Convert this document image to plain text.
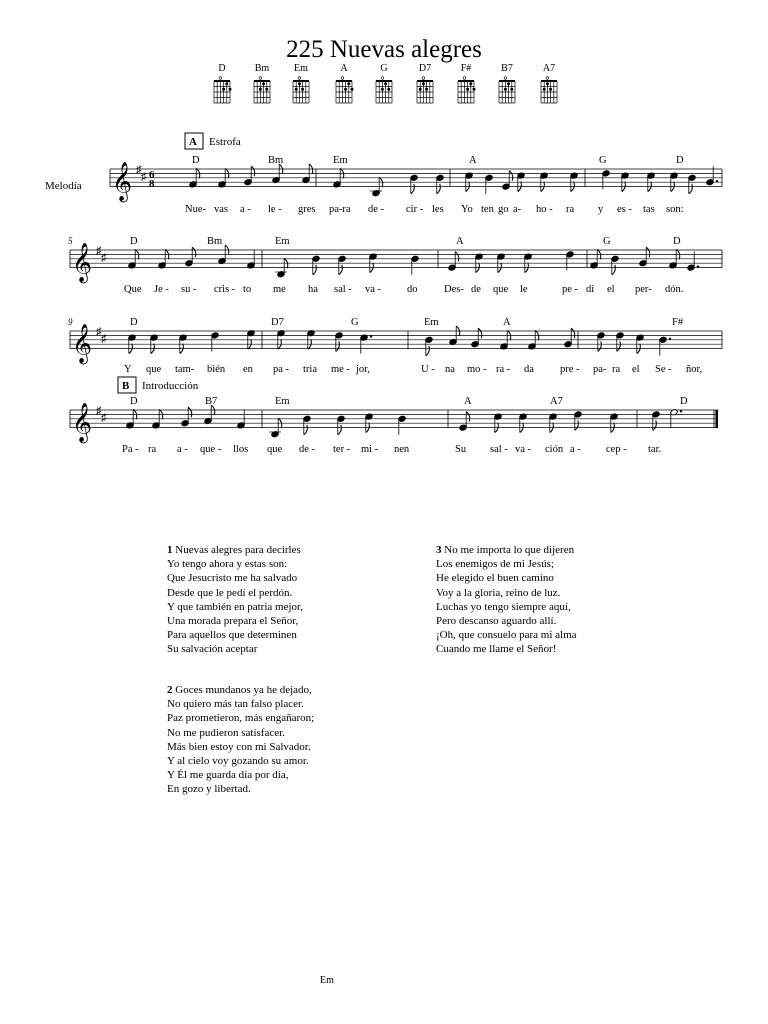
225 Nuevas alegres
D	Bm	Em	A	G	D7	F#	B7	A7
𝄞 ♯
♯ 6
8
D	Bm	Em	A	G	D
Nue- vas a - le - gres pa-ra de - cir - les Yo ten go a- ho - ra y es - tas son:
𝄞 ♯
♯
5	D	Bm	Em	A	G	D
Que Je - su - cris - to me ha sal - va - do	Des- de que le	pe - di el per- dón.
𝄞 ♯
♯
9	D	D7	G	Em	A	F#
Y que tam- bién en pa - tria me - jor,	U - na mo - ra - da pre - pa- ra el Se - ñor,
𝄞 ♯
♯
D	B7	Em	A	A7	D
Pa - ra a - que - llos que de - ter - mi - nen	Su sal - va - ción a - cep - tar.
Melodía
A Estrofa
B Introducción
1 Nuevas alegres para decirles
Yo tengo ahora y estas son:
Que Jesucristo me ha salvado
Desde que le pedí el perdón.
Y que también en patria mejor,
Una morada prepara el Señor,
Para aquellos que determinen
Su salvación aceptar
3 No me importa lo que dijeren
Los enemigos de mi Jesús;
He elegido el buen camino
Voy a la gloria, reino de luz.
Luchas yo tengo siempre aquí,
Pero descanso aguardo allí.
¡Oh, que consuelo para mi alma
Cuando me llame el Señor!
2 Goces mundanos ya he dejado,
No quiero más tan falso placer.
Paz prometieron, más engañaron;
No me pudieron satisfacer.
Más bien estoy con mi Salvador.
Y al cielo voy gozando su amor.
Y Él me guarda día por día,
En gozo y libertad.
Em
